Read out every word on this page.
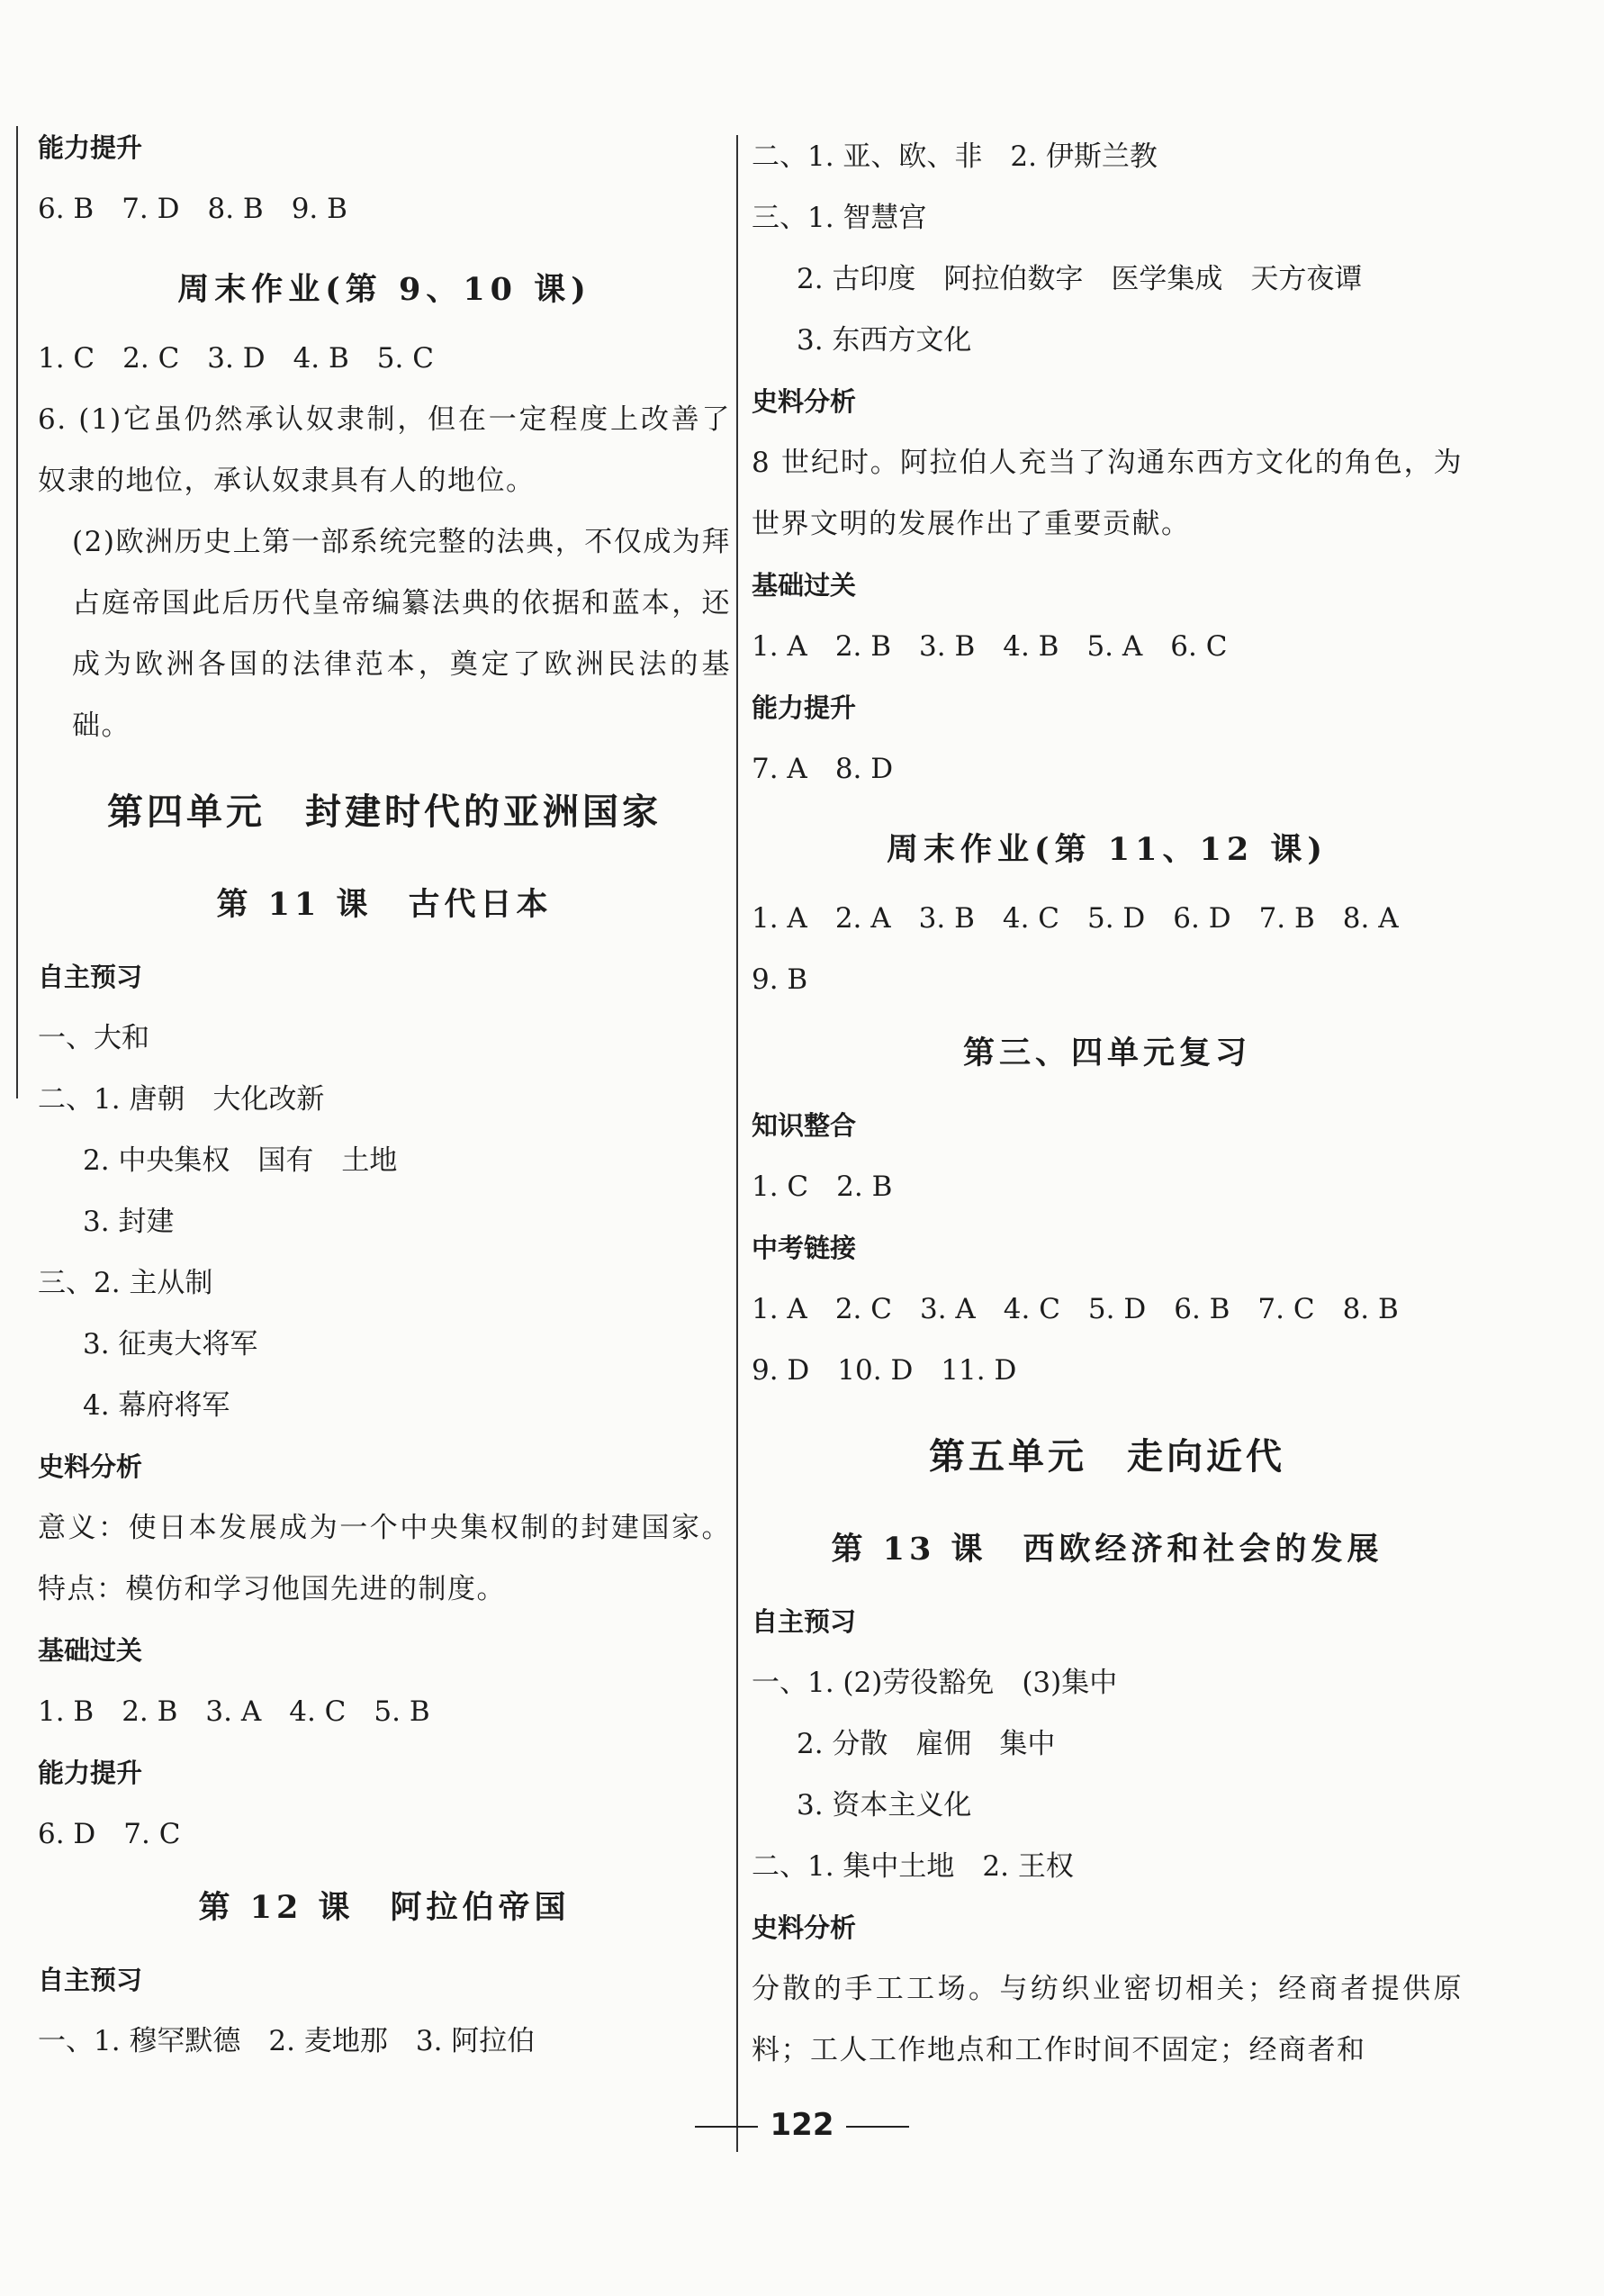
能力提升
6. B　7. D　8. B　9. B
周末作业(第 9、10 课)
1. C　2. C　3. D　4. B　5. C
6. (1)它虽仍然承认奴隶制，但在一定程度上改善了奴隶的地位，承认奴隶具有人的地位。
(2)欧洲历史上第一部系统完整的法典，不仅成为拜占庭帝国此后历代皇帝编纂法典的依据和蓝本，还成为欧洲各国的法律范本，奠定了欧洲民法的基础。
第四单元　封建时代的亚洲国家
第 11 课　古代日本
自主预习
一、大和
二、1. 唐朝　大化改新
2. 中央集权　国有　土地
3. 封建
三、2. 主从制
3. 征夷大将军
4. 幕府将军
史料分析
意义：使日本发展成为一个中央集权制的封建国家。特点：模仿和学习他国先进的制度。
基础过关
1. B　2. B　3. A　4. C　5. B
能力提升
6. D　7. C
第 12 课　阿拉伯帝国
自主预习
一、1. 穆罕默德　2. 麦地那　3. 阿拉伯
二、1. 亚、欧、非　2. 伊斯兰教
三、1. 智慧宫
2. 古印度　阿拉伯数字　医学集成　天方夜谭
3. 东西方文化
史料分析
8 世纪时。阿拉伯人充当了沟通东西方文化的角色，为世界文明的发展作出了重要贡献。
基础过关
1. A　2. B　3. B　4. B　5. A　6. C
能力提升
7. A　8. D
周末作业(第 11、12 课)
1. A　2. A　3. B　4. C　5. D　6. D　7. B　8. A
9. B
第三、四单元复习
知识整合
1. C　2. B
中考链接
1. A　2. C　3. A　4. C　5. D　6. B　7. C　8. B
9. D　10. D　11. D
第五单元　走向近代
第 13 课　西欧经济和社会的发展
自主预习
一、1. (2)劳役豁免　(3)集中
2. 分散　雇佣　集中
3. 资本主义化
二、1. 集中土地　2. 王权
史料分析
分散的手工工场。与纺织业密切相关；经商者提供原料；工人工作地点和工作时间不固定；经商者和
122
